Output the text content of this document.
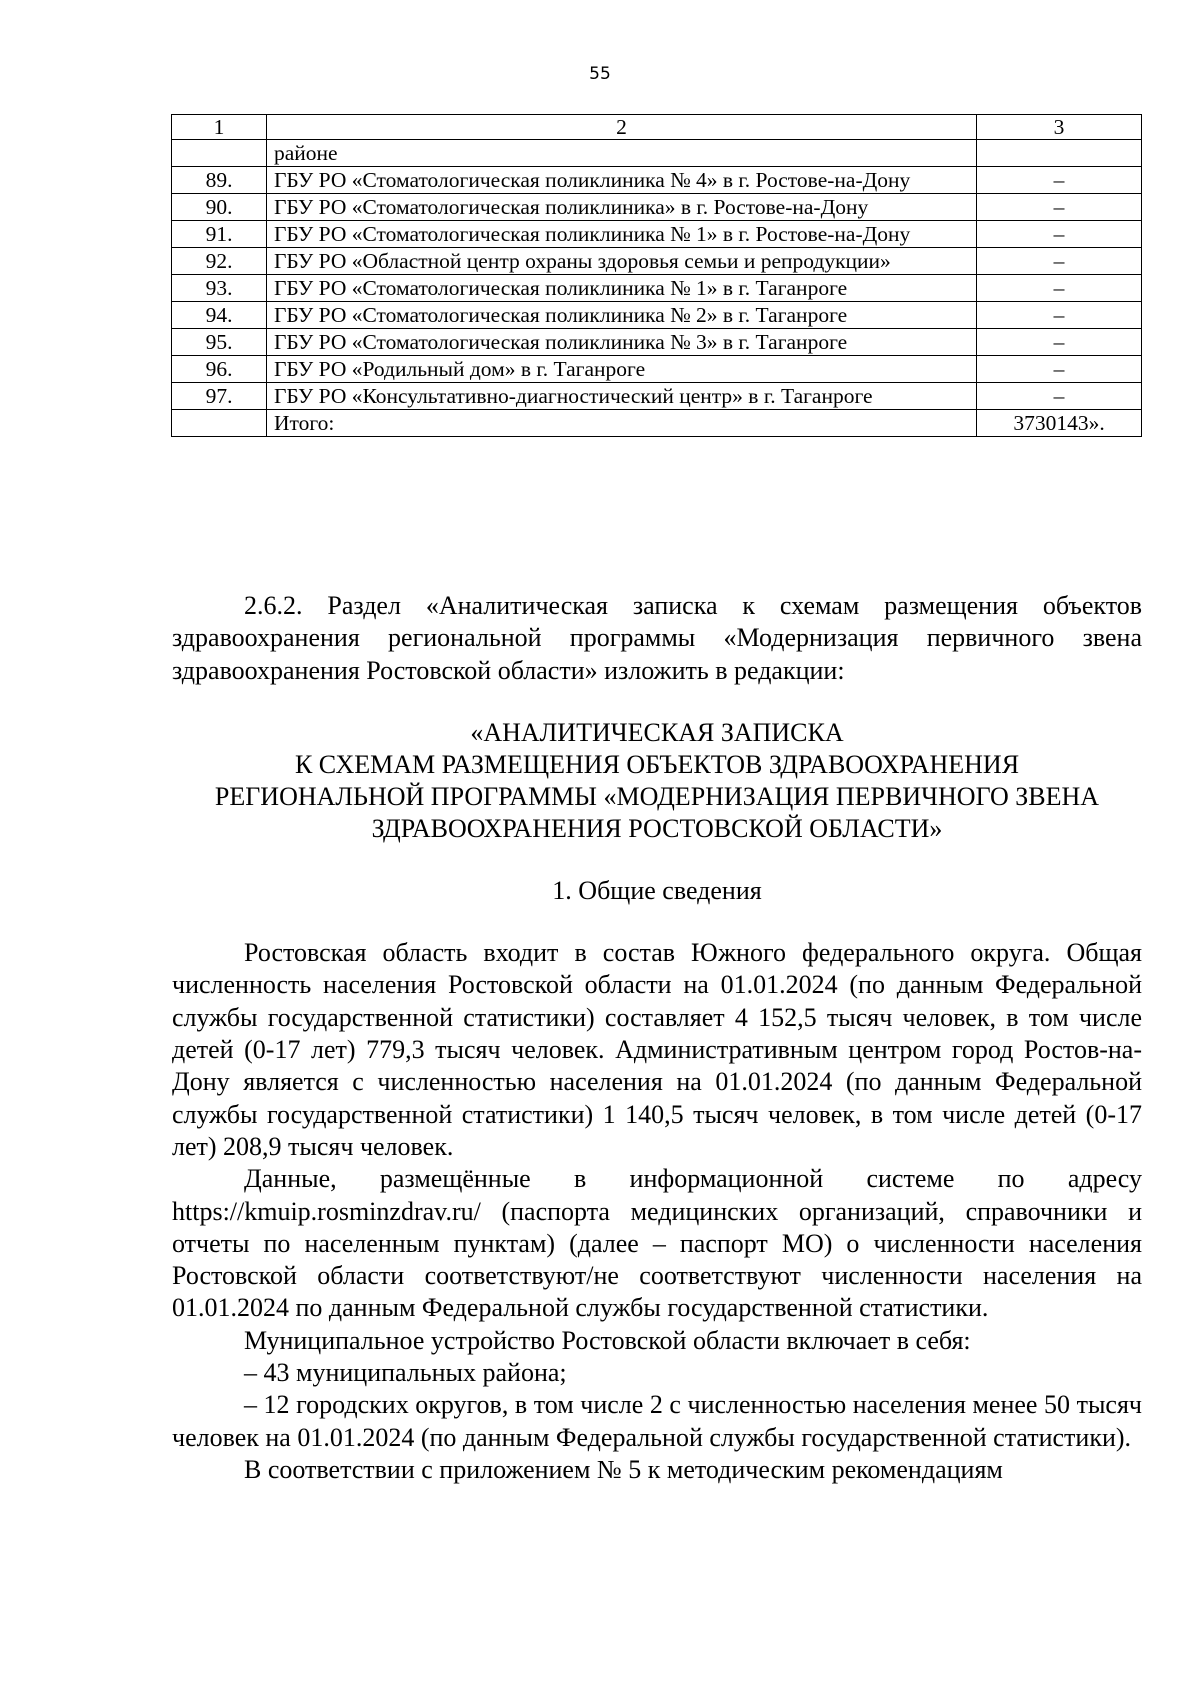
55
1	2	3
	районе	
89.	ГБУ РО «Стоматологическая поликлиника № 4» в г. Ростове-на-Дону	–
90.	ГБУ РО «Стоматологическая поликлиника» в г. Ростове-на-Дону	–
91.	ГБУ РО «Стоматологическая поликлиника № 1» в г. Ростове-на-Дону	–
92.	ГБУ РО «Областной центр охраны здоровья семьи и репродукции»	–
93.	ГБУ РО «Стоматологическая поликлиника № 1» в г. Таганроге	–
94.	ГБУ РО «Стоматологическая поликлиника № 2» в г. Таганроге	–
95.	ГБУ РО «Стоматологическая поликлиника № 3» в г. Таганроге	–
96.	ГБУ РО «Родильный дом» в г. Таганроге	–
97.	ГБУ РО «Консультативно-диагностический центр» в г. Таганроге	–
	Итого:	3730143».

2.6.2. Раздел «Аналитическая записка к схемам размещения объектов здравоохранения региональной программы «Модернизация первичного звена здравоохранения Ростовской области» изложить в редакции:

«АНАЛИТИЧЕСКАЯ ЗАПИСКА
К СХЕМАМ РАЗМЕЩЕНИЯ ОБЪЕКТОВ ЗДРАВООХРАНЕНИЯ
РЕГИОНАЛЬНОЙ ПРОГРАММЫ «МОДЕРНИЗАЦИЯ ПЕРВИЧНОГО ЗВЕНА
ЗДРАВООХРАНЕНИЯ РОСТОВСКОЙ ОБЛАСТИ»

1. Общие сведения

Ростовская область входит в состав Южного федерального округа. Общая численность населения Ростовской области на 01.01.2024 (по данным Федеральной службы государственной статистики) составляет 4 152,5 тысяч человек, в том числе детей (0-17 лет) 779,3 тысяч человек. Административным центром город Ростов-на-Дону является с численностью населения на 01.01.2024 (по данным Федеральной службы государственной статистики) 1 140,5 тысяч человек, в том числе детей (0-17 лет) 208,9 тысяч человек.

Данные, размещённые в информационной системе по адресу https://kmuip.rosminzdrav.ru/ (паспорта медицинских организаций, справочники и отчеты по населенным пунктам) (далее – паспорт МО) о численности населения Ростовской области соответствуют/не соответствуют численности населения на 01.01.2024 по данным Федеральной службы государственной статистики.

Муниципальное устройство Ростовской области включает в себя:

– 43 муниципальных района;

– 12 городских округов, в том числе 2 с численностью населения менее 50 тысяч человек на 01.01.2024 (по данным Федеральной службы государственной статистики).

В соответствии с приложением № 5 к методическим рекомендациям
